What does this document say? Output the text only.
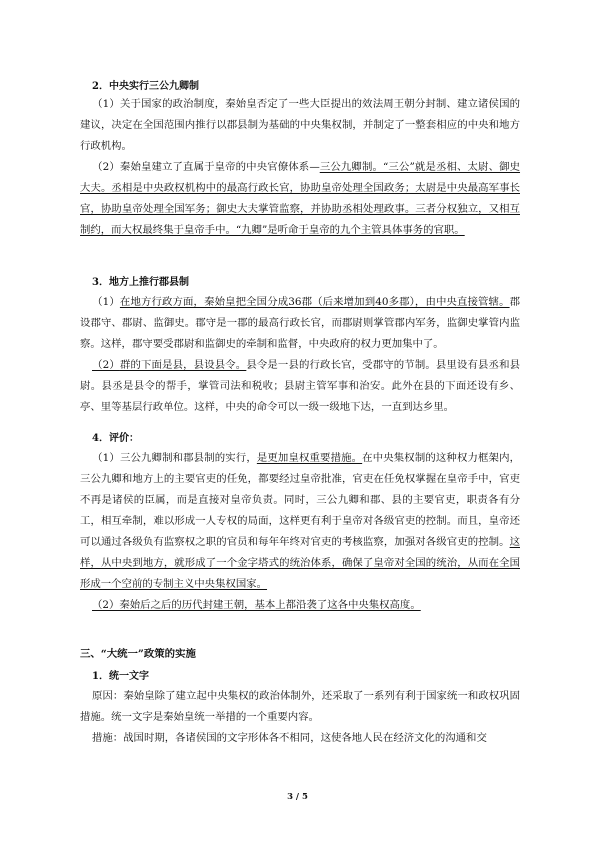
2．中央实行三公九卿制

（1）关于国家的政治制度，秦始皇否定了一些大臣提出的效法周王朝分封制、建立诸侯国的建议，决定在全国范围内推行以郡县制为基础的中央集权制，并制定了一整套相应的中央和地方行政机构。

（2）秦始皇建立了直属于皇帝的中央官僚体系—三公九卿制。“三公”就是丞相、太尉、御史大夫。丞相是中央政权机构中的最高行政长官，协助皇帝处理全国政务；太尉是中央最高军事长官，协助皇帝处理全国军务；御史大夫掌管监察，并协助丞相处理政事。三者分权独立，又相互制约，而大权最终集于皇帝手中。“九卿”是听命于皇帝的九个主管具体事务的官职。

3．地方上推行郡县制

（1）在地方行政方面，秦始皇把全国分成36郡（后来增加到40多郡），由中央直接管辖。郡设郡守、郡尉、监御史。郡守是一郡的最高行政长官，而郡尉则掌管郡内军务，监御史掌管内监察。这样，郡守要受郡尉和监御史的牵制和监督，中央政府的权力更加集中了。

（2）群的下面是县，县设县令。县令是一县的行政长官，受郡守的节制。县里设有县丞和县尉。县丞是县令的帮手，掌管司法和税收；县尉主管军事和治安。此外在县的下面还设有乡、亭、里等基层行政单位。这样，中央的命令可以一级一级地下达，一直到达乡里。

4．评价：

（1）三公九卿制和郡县制的实行，是更加皇权重要措施。在中央集权制的这种权力框架内，三公九卿和地方上的主要官吏的任免，都要经过皇帝批准，官吏在任免权掌握在皇帝手中，官吏不再是诸侯的臣属，而是直接对皇帝负责。同时，三公九卿和郡、县的主要官吏，职责各有分工，相互牵制，难以形成一人专权的局面，这样更有利于皇帝对各级官吏的控制。而且，皇帝还可以通过各级负有监察权之职的官员和每年年终对官吏的考核监察，加强对各级官吏的控制。这样，从中央到地方，就形成了一个金字塔式的统治体系，确保了皇帝对全国的统治，从而在全国形成一个空前的专制主义中央集权国家。

（2）秦始后之后的历代封建王朝，基本上都沿袭了这各中央集权高度。

三、“大统一”政策的实施
1．统一文字

原因：秦始皇除了建立起中央集权的政治体制外，还采取了一系列有利于国家统一和政权巩固措施。统一文字是秦始皇统一举措的一个重要内容。

措施：战国时期，各诸侯国的文字形体各不相同，这使各地人民在经济文化的沟通和交

3 / 5
